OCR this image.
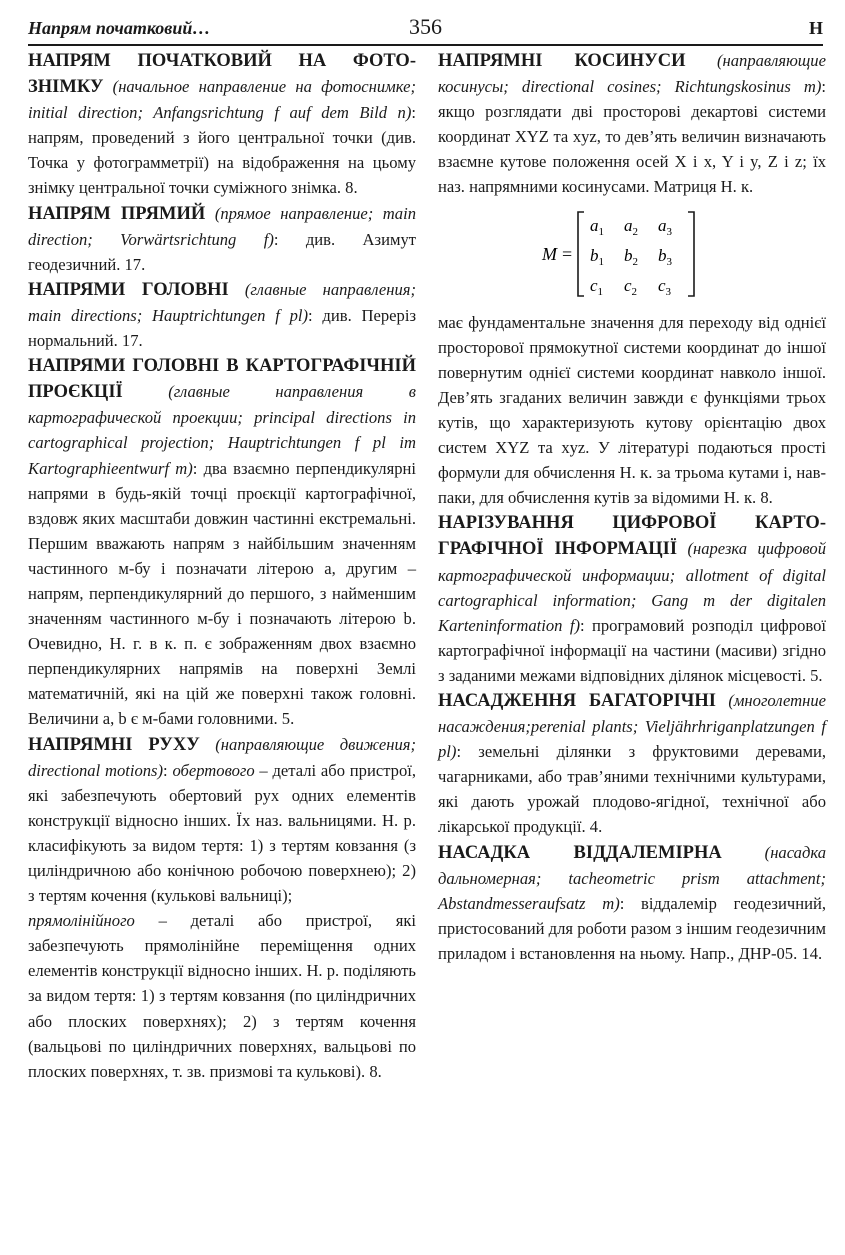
Напрям початковий…	356	Н

НАПРЯМ ПОЧАТКОВИЙ НА ФОТОЗНІМКУ (начальное направление на фотоснимке; initial direction; Anfangsrichtung f auf dem Bild n): напрям, проведений з його центральної точки (див. Точка у фотограмметрії) на відображення на цьому знімку центральної точки суміжного знімка. 8.

НАПРЯМ ПРЯМИЙ (прямое направление; main direction; Vorwärtsrichtung f): див. Азимут геодезичний. 17.

НАПРЯМИ ГОЛОВНІ (главные направления; main directions; Hauptrichtungen f pl): див. Переріз нормальний. 17.

НАПРЯМИ ГОЛОВНІ В КАРТОГРАФІЧНІЙ ПРОЄКЦІЇ	(главные направления в картографической проекции; principal directions in cartographical projection; Hauptrichtungen f pl im Kartographieentwurf m): два взаємно перпендикулярні напрями в будь-якій точці проєкції картографічної, вздовж яких масштаби довжин частинні екстремальні. Першим вважають напрям з найбільшим значенням частинного м-бу і позначати літерою a, другим – напрям, перпендикулярний до першого, з найменшим значенням частинного м-бу і позначають літерою b. Очевидно, Н. г. в к. п. є зображенням двох взаємно перпендикулярних напрямів на поверхні Землі математичній, які на цій же поверхні також головні. Величини a, b є м-бами головними. 5.

НАПРЯМНІ РУХУ (направляющие движения; directional motions): обертового – деталі або пристрої, які забезпечують обертовий рух одних елементів конструкції відносно інших. Їх наз. вальницями. Н. р. класифікують за видом тертя: 1) з тертям ковзання (з циліндричною або конічною робочою поверхнею); 2) з тертям кочення (кулькові вальниці);
прямолінійного – деталі або пристрої, які забезпечують прямолінійне переміщення одних елементів конструкції відносно інших. Н. р. поділяють за видом тертя: 1) з тертям ковзання (по циліндричних або плоских поверхнях); 2) з тертям кочення (вальцьові по циліндричних поверхнях, вальцьові по плоских поверхнях, т. зв. призмові та кулькові). 8.

НАПРЯМНІ КОСИНУСИ (направляющие косинусы; directional cosines; Richtungskosinus m): якщо розглядати дві просторові декартові системи координат XYZ та xyz, то дев’ять величин визначають взаємне кутове положення осей X і x, Y і y, Z і z; їх наз. напрямними косинусами. Матриця Н. к.

M =
$a_1$ $a_2$ $a_3$
$b_1$ $b_2$ $b_3$
$c_1$ $c_2$ $c_3$

має фундаментальне значення для переходу від однієї просторової прямокутної системи координат до іншої повернутим однієї системи координат навколо іншої. Дев’ять згаданих величин завжди є функціями трьох кутів, що характеризують кутову орієнтацію двох систем XYZ та xyz. У літературі подаються прості формули для обчислення Н. к. за трьома кутами і, навпаки, для обчислення кутів за відомими Н. к. 8.

НАРІЗУВАННЯ ЦИФРОВОЇ КАРТОГРАФІЧНОЇ ІНФОРМАЦІЇ (нарезка цифровой картографической информации; allotment of digital cartographical information; Gang m der digitalen Karteninformation f): програмовий розподіл цифрової картографічної інформації на частини (масиви) згідно з заданими межами відповідних ділянок місцевості. 5.

НАСАДЖЕННЯ БАГАТОРІЧНІ (многолетние насаждения;perenial plants; Vieljährhriganplatzungen f pl): земельні ділянки з фруктовими деревами, чагарниками, або трав’яними технічними культурами, які дають урожай плодово-ягідної, технічної або лікарської продукції. 4.

НАСАДКА ВІДДАЛЕМІРНА	(насадка дальномерная; tacheometric prism attachment; Abstandmesseraufsatz m): віддалемір геодезичний, пристосований для роботи разом з іншим геодезичним приладом і встановлення на ньому. Напр., ДНР-05. 14.
